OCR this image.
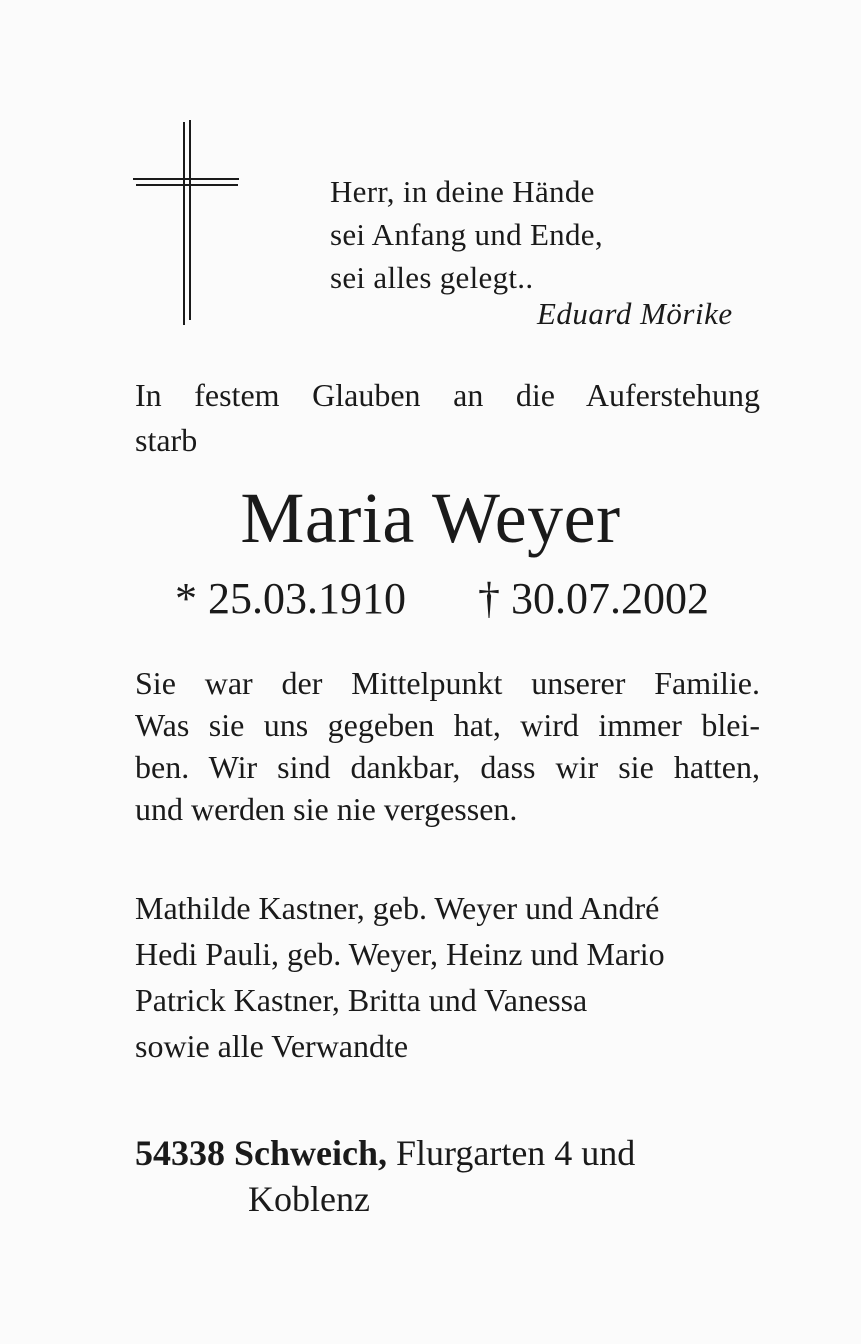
Herr, in deine Hände
sei Anfang und Ende,
sei alles gelegt..
Eduard Mörike
In festem Glauben an die Auferstehung
starb
Maria Weyer
* 25.03.1910 † 30.07.2002
Sie war der Mittelpunkt unserer Familie.
Was sie uns gegeben hat, wird immer blei-
ben. Wir sind dankbar, dass wir sie hatten,
und werden sie nie vergessen.
Mathilde Kastner, geb. Weyer und André
Hedi Pauli, geb. Weyer, Heinz und Mario
Patrick Kastner, Britta und Vanessa
sowie alle Verwandte
54338 Schweich, Flurgarten 4 und
Koblenz
